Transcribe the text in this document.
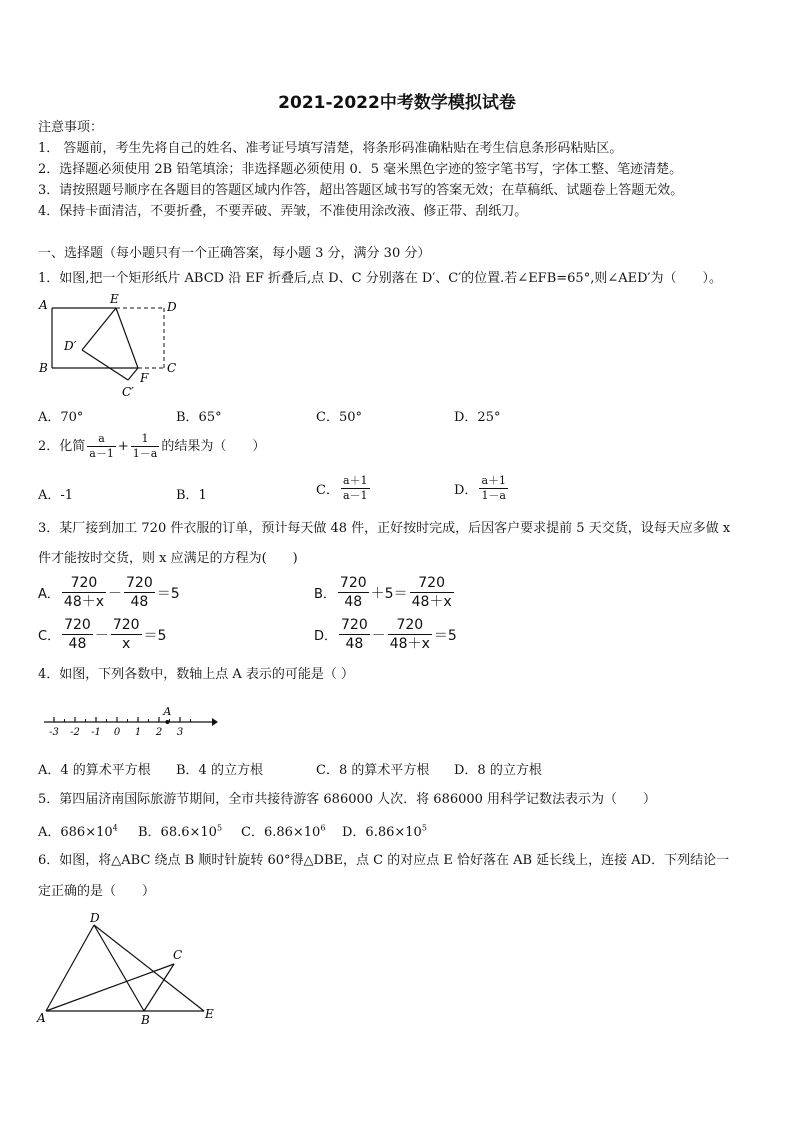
2021-2022中考数学模拟试卷
注意事项：
1． 答题前，考生先将自己的姓名、准考证号填写清楚，将条形码准确粘贴在考生信息条形码粘贴区。
2．选择题必须使用 2B 铅笔填涂；非选择题必须使用 0．5 毫米黑色字迹的签字笔书写，字体工整、笔迹清楚。
3．请按照题号顺序在各题目的答题区域内作答，超出答题区域书写的答案无效；在草稿纸、试题卷上答题无效。
4．保持卡面清洁，不要折叠，不要弄破、弄皱，不准使用涂改液、修正带、刮纸刀。
一、选择题（每小题只有一个正确答案，每小题 3 分，满分 30 分）
1．如图,把一个矩形纸片 ABCD 沿 EF 折叠后,点 D、C 分别落在 D′、C′的位置.若∠EFB=65°,则∠AED′为（　　）。
A	E
D
D′
B	C
F
C′
A．70°	B．65°	C．50°	D．25°
2．化简 $\frac{a}{a-1} + \frac{1}{1-a}$ 的结果为（　　）
A．-1	B．1	C． $\frac{a+1}{a-1}$	D． $\frac{a+1}{1-a}$
3．某厂接到加工 720 件衣服的订单，预计每天做 48 件，正好按时完成，后因客户要求提前 5 天交货，设每天应多做 x
件才能按时交货，则 x 应满足的方程为(　　)
A． $\frac{720}{48+x} - \frac{720}{48} =5$	B． $\frac{720}{48} +5= \frac{720}{48+x}$
C． $\frac{720}{48} - \frac{720}{x} =5$	D． $\frac{720}{48} - \frac{720}{48+x} =5$
4．如图，下列各数中，数轴上点 A 表示的可能是（ ）
-3 -2 -1 0 1 2 3
A
A．4 的算术平方根 B．4 的立方根	C．8 的算术平方根 D．8 的立方根
5．第四届济南国际旅游节期间，全市共接待游客 686000 人次．将 686000 用科学记数法表示为（　　）
A．$686\times 10^4$ B．$68.6\times 10^5$ C．$6.86\times 10^6$ D．$6.86\times 10^5$
6．如图，将△ABC 绕点 B 顺时针旋转 60°得△DBE，点 C 的对应点 E 恰好落在 AB 延长线上，连接 AD．下列结论一
定正确的是（　　）
D
C
A	B	E
